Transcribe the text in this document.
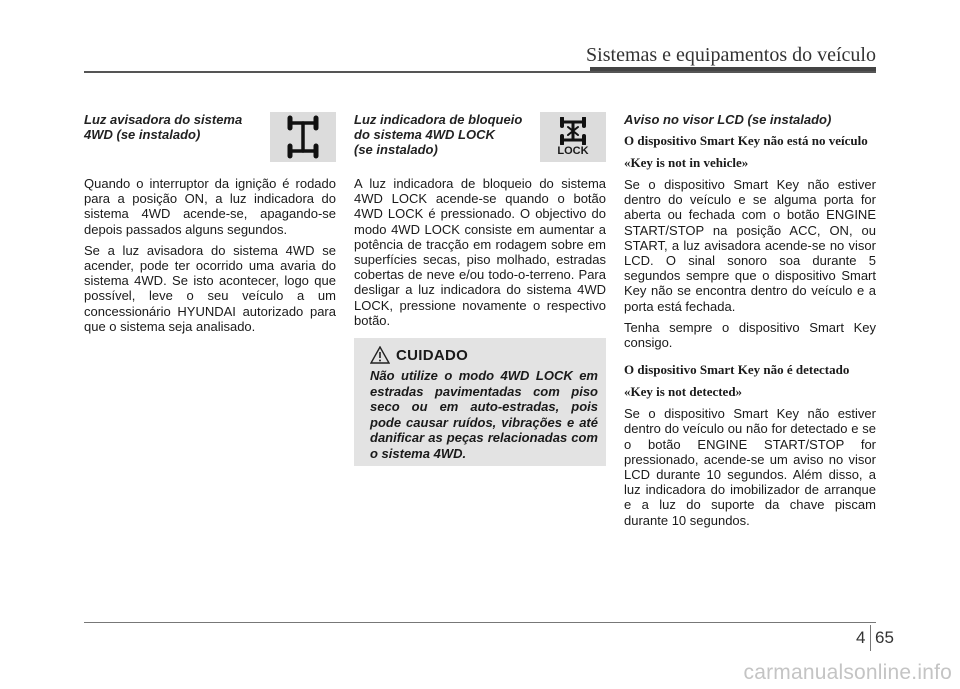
Sistemas e equipamentos do veículo

Luz avisadora do sistema
4WD (se instalado)

Quando o interruptor da ignição é rodado para a posição ON, a luz indicadora do sistema 4WD acende-se, apagando-se depois passados alguns segundos.

Se a luz avisadora do sistema 4WD se acender, pode ter ocorrido uma avaria do sistema 4WD. Se isto acontecer, logo que possível, leve o seu veículo a um concessionário HYUNDAI autorizado para que o sistema seja analisado.

Luz indicadora de bloqueio
do sistema 4WD LOCK
(se instalado)	LOCK

A luz indicadora de bloqueio do sistema 4WD LOCK acende-se quando o botão 4WD LOCK é pressionado. O objectivo do modo 4WD LOCK consiste em aumentar a potência de tracção em rodagem sobre em superfícies secas, piso molhado, estradas cobertas de neve e/ou todo-o-terreno. Para desligar a luz indicadora do sistema 4WD LOCK, pressione novamente o respectivo botão.

CUIDADO

Não utilize o modo 4WD LOCK em estradas pavimentadas com piso seco ou em auto-estradas, pois pode causar ruídos, vibrações e até danificar as peças relacionadas com o sistema 4WD.

Aviso no visor LCD (se instalado)

O dispositivo Smart Key não está no veículo

«Key is not in vehicle»

Se o dispositivo Smart Key não estiver dentro do veículo e se alguma porta for aberta ou fechada com o botão ENGINE START/STOP na posição ACC, ON, ou START, a luz avisadora acende-se no visor LCD. O sinal sonoro soa durante 5 segundos sempre que o dispositivo Smart Key não se encontra dentro do veículo e a porta está fechada.

Tenha sempre o dispositivo Smart Key consigo.

O dispositivo Smart Key não é detectado

«Key is not detected»

Se o dispositivo Smart Key não estiver dentro do veículo ou não for detectado e se o botão ENGINE START/STOP for pressionado, acende-se um aviso no visor LCD durante 10 segundos. Além disso, a luz indicadora do imobilizador de arranque e a luz do suporte da chave piscam durante 10 segundos.

4 65
carmanualsonline.info
